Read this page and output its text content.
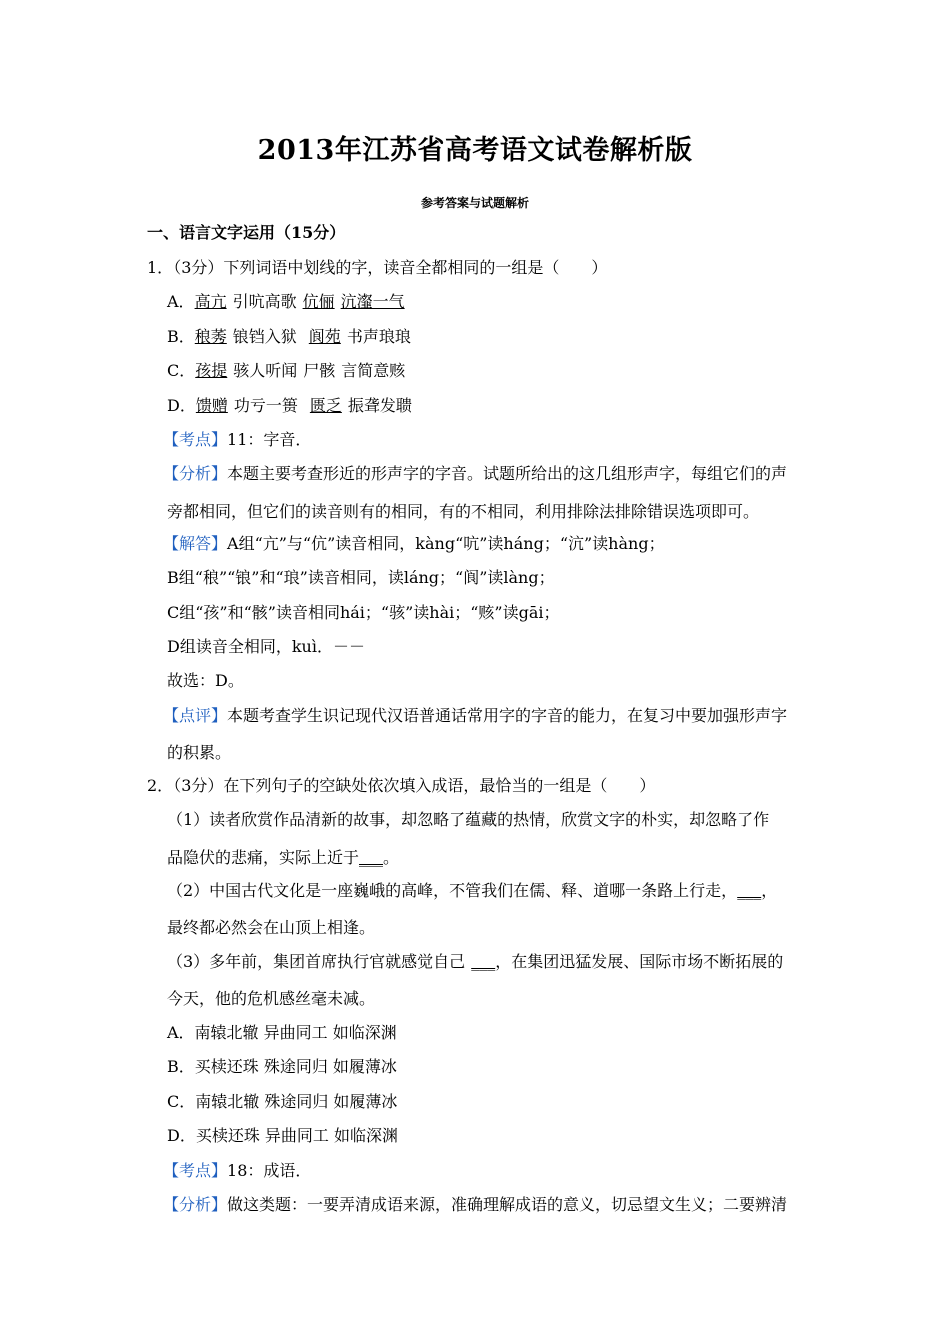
2013年江苏省高考语文试卷解析版
参考答案与试题解析
一、语言文字运用（15分）
1．（3分）下列词语中划线的字，读音全都相同的一组是（　　）
A．高亢 引吭高歌 伉俪 沆瀣一气
B．稂莠 锒铛入狱 阆苑 书声琅琅
C．孩提 骇人听闻 尸骸 言简意赅
D．馈赠 功亏一篑 匮乏 振聋发聩
【考点】11：字音．
【分析】本题主要考查形近的形声字的字音。试题所给出的这几组形声字，每组它们的声
旁都相同，但它们的读音则有的相同，有的不相同，利用排除法排除错误选项即可。
【解答】A组“亢”与“伉”读音相同，kàng“吭”读háng；“沆”读hàng；
B组“稂”“锒”和“琅”读音相同，读láng；“阆”读làng；
C组“孩”和“骸”读音相同hái；“骇”读hài；“赅”读gāi；
D组读音全相同，kuì．－－
故选：D。
【点评】本题考查学生识记现代汉语普通话常用字的字音的能力，在复习中要加强形声字
的积累。
2．（3分）在下列句子的空缺处依次填入成语，最恰当的一组是（　　）
（1）读者欣赏作品清新的故事，却忽略了蕴藏的热情，欣赏文字的朴实，却忽略了作
品隐伏的悲痛，实际上近于___。
（2）中国古代文化是一座巍峨的高峰，不管我们在儒、释、道哪一条路上行走，___，
最终都必然会在山顶上相逢。
（3）多年前，集团首席执行官就感觉自己 ___，在集团迅猛发展、国际市场不断拓展的
今天，他的危机感丝毫未减。
A．南辕北辙 异曲同工 如临深渊
B．买椟还珠 殊途同归 如履薄冰
C．南辕北辙 殊途同归 如履薄冰
D．买椟还珠 异曲同工 如临深渊
【考点】18：成语．
【分析】做这类题：一要弄清成语来源，准确理解成语的意义，切忌望文生义；二要辨清
